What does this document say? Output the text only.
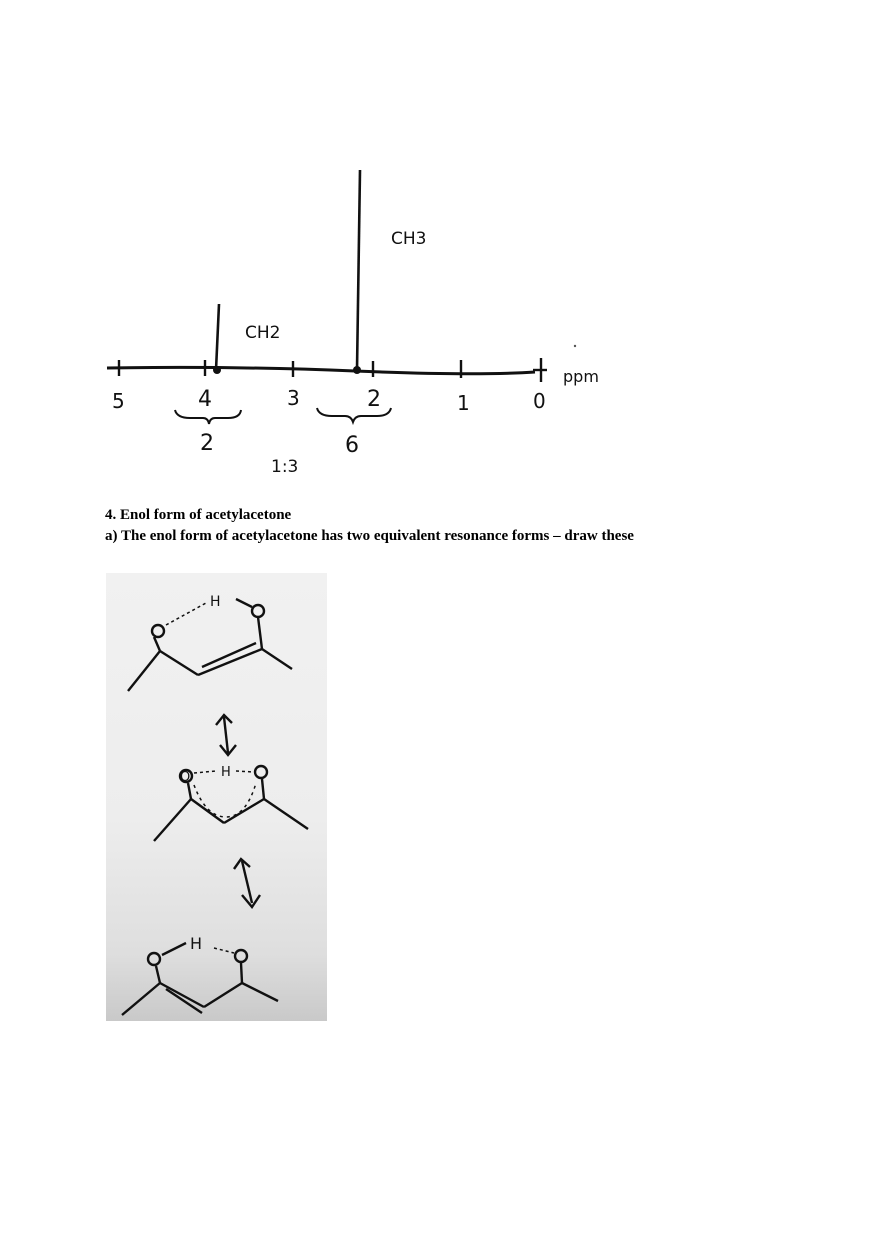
CH2
CH3
5	4	3	2	1	0
ppm
2	6
1:3
4. Enol form of acetylacetone
a) The enol form of acetylacetone has two equivalent resonance forms – draw these
H
O H
H
